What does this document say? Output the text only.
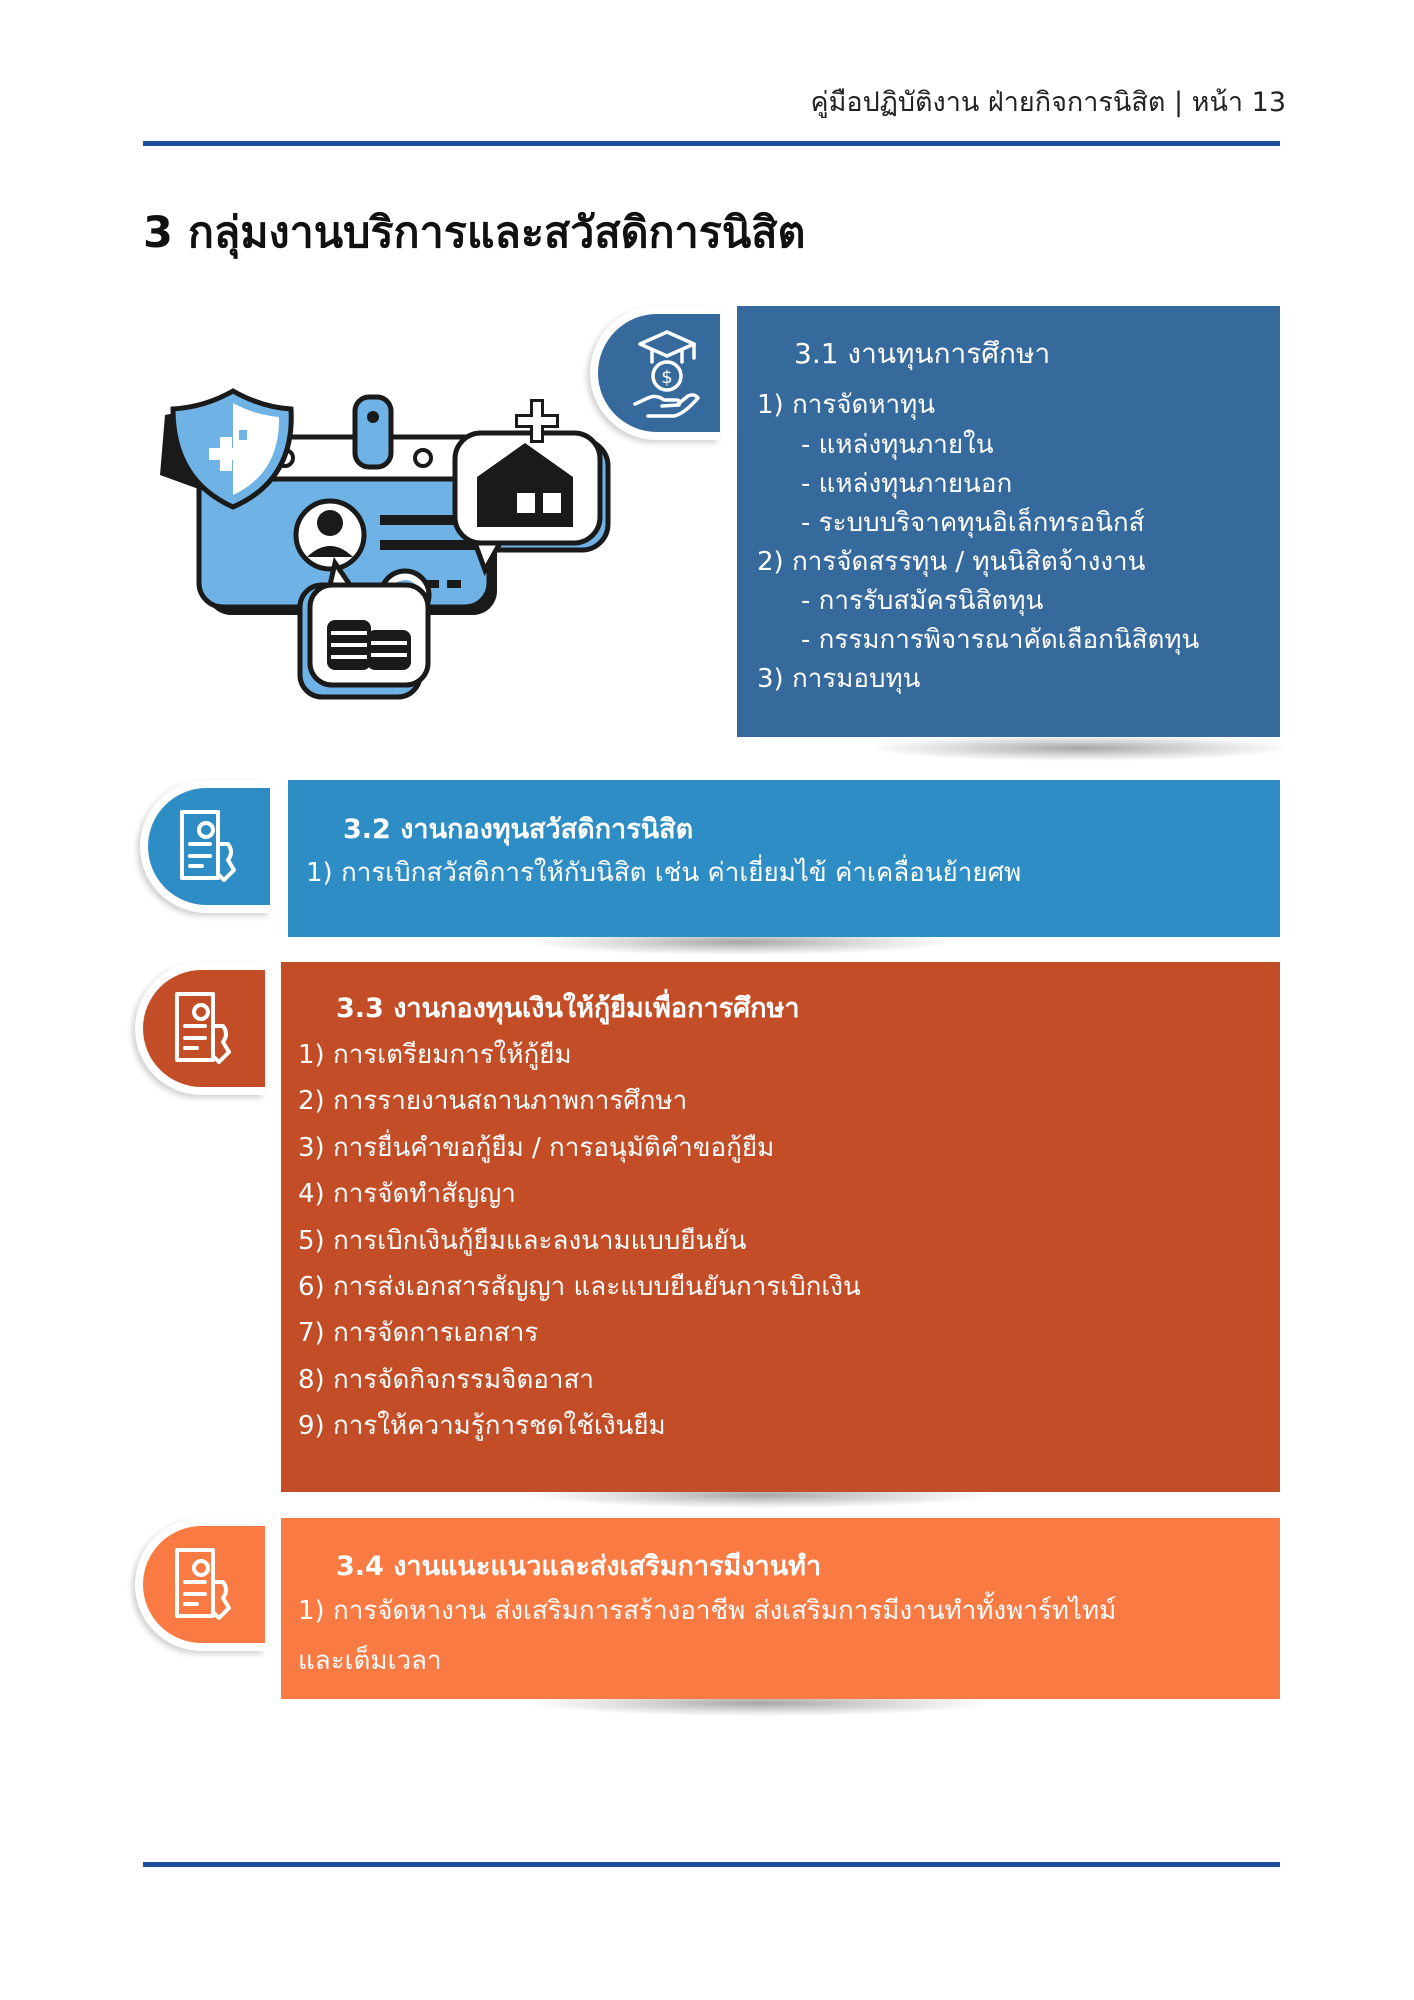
คู่มือปฏิบัติงาน ฝ่ายกิจการนิสิต | หน้า 13
3 กลุ่มงานบริการและสวัสดิการนิสิต
3.1 งานทุนการศึกษา
1) การจัดหาทุน
- แหล่งทุนภายใน
- แหล่งทุนภายนอก
- ระบบบริจาคทุนอิเล็กทรอนิกส์
2) การจัดสรรทุน / ทุนนิสิตจ้างงาน
- การรับสมัครนิสิตทุน
- กรรมการพิจารณาคัดเลือกนิสิตทุน
3) การมอบทุน
$
3.2 งานกองทุนสวัสดิการนิสิต
1) การเบิกสวัสดิการให้กับนิสิต เช่น ค่าเยี่ยมไข้ ค่าเคลื่อนย้ายศพ
3.3 งานกองทุนเงินให้กู้ยืมเพื่อการศึกษา
1) การเตรียมการให้กู้ยืม
2) การรายงานสถานภาพการศึกษา
3) การยื่นคำขอกู้ยืม / การอนุมัติคำขอกู้ยืม
4) การจัดทำสัญญา
5) การเบิกเงินกู้ยืมและลงนามแบบยืนยัน
6) การส่งเอกสารสัญญา และแบบยืนยันการเบิกเงิน
7) การจัดการเอกสาร
8) การจัดกิจกรรมจิตอาสา
9) การให้ความรู้การชดใช้เงินยืม
3.4 งานแนะแนวและส่งเสริมการมีงานทำ
1) การจัดหางาน ส่งเสริมการสร้างอาชีพ ส่งเสริมการมีงานทำทั้งพาร์ทไทม์
และเต็มเวลา
